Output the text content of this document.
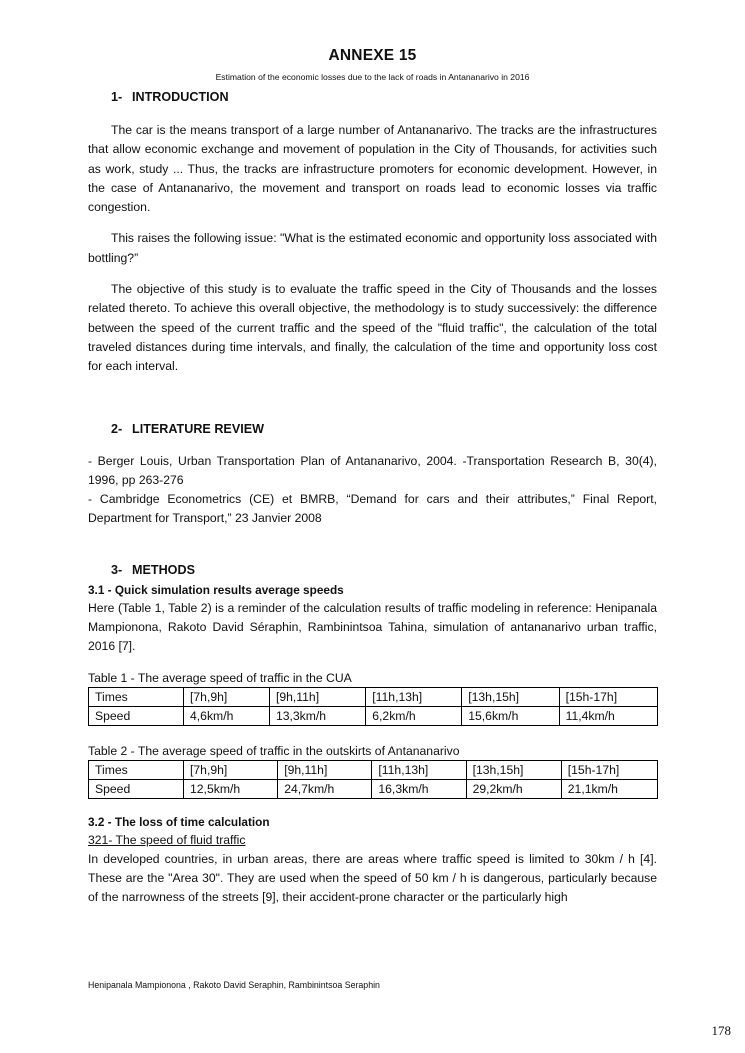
ANNEXE 15
Estimation of the economic losses due to the lack of roads in Antananarivo in 2016
1- INTRODUCTION

The car is the means transport of a large number of Antananarivo. The tracks are the infrastructures that allow economic exchange and movement of population in the City of Thousands, for activities such as work, study ... Thus, the tracks are infrastructure promoters for economic development. However, in the case of Antananarivo, the movement and transport on roads lead to economic losses via traffic congestion.

This raises the following issue: "What is the estimated economic and opportunity loss associated with bottling?”

The objective of this study is to evaluate the traffic speed in the City of Thousands and the losses related thereto. To achieve this overall objective, the methodology is to study successively: the difference between the speed of the current traffic and the speed of the "fluid traffic", the calculation of the total traveled distances during time intervals, and finally, the calculation of the time and opportunity loss cost for each interval.

2- LITERATURE REVIEW

- Berger Louis, Urban Transportation Plan of Antananarivo, 2004. -Transportation Research B, 30(4), 1996, pp 263-276

- Cambridge Econometrics (CE) et BMRB, “Demand for cars and their attributes,” Final Report, Department for Transport,” 23 Janvier 2008

3- METHODS
3.1 - Quick simulation results average speeds

Here (Table 1, Table 2) is a reminder of the calculation results of traffic modeling in reference: Henipanala Mampionona, Rakoto David Séraphin, Rambinintsoa Tahina, simulation of antananarivo urban traffic, 2016 [7].

Table 1 - The average speed of traffic in the CUA
Times	[7h,9h]	[9h,11h]	[11h,13h]	[13h,15h]	[15h-17h]
Speed	4,6km/h	13,3km/h	6,2km/h	15,6km/h	11,4km/h
Table 2 - The average speed of traffic in the outskirts of Antananarivo
Times	[7h,9h]	[9h,11h]	[11h,13h]	[13h,15h]	[15h-17h]
Speed	12,5km/h	24,7km/h	16,3km/h	29,2km/h	21,1km/h
3.2 - The loss of time calculation
321- The speed of fluid traffic

In developed countries, in urban areas, there are areas where traffic speed is limited to 30km / h [4]. These are the "Area 30". They are used when the speed of 50 km / h is dangerous, particularly because of the narrowness of the streets [9], their accident-prone character or the particularly high

Henipanala Mampionona , Rakoto David Seraphin, Rambinintsoa Seraphin
178
